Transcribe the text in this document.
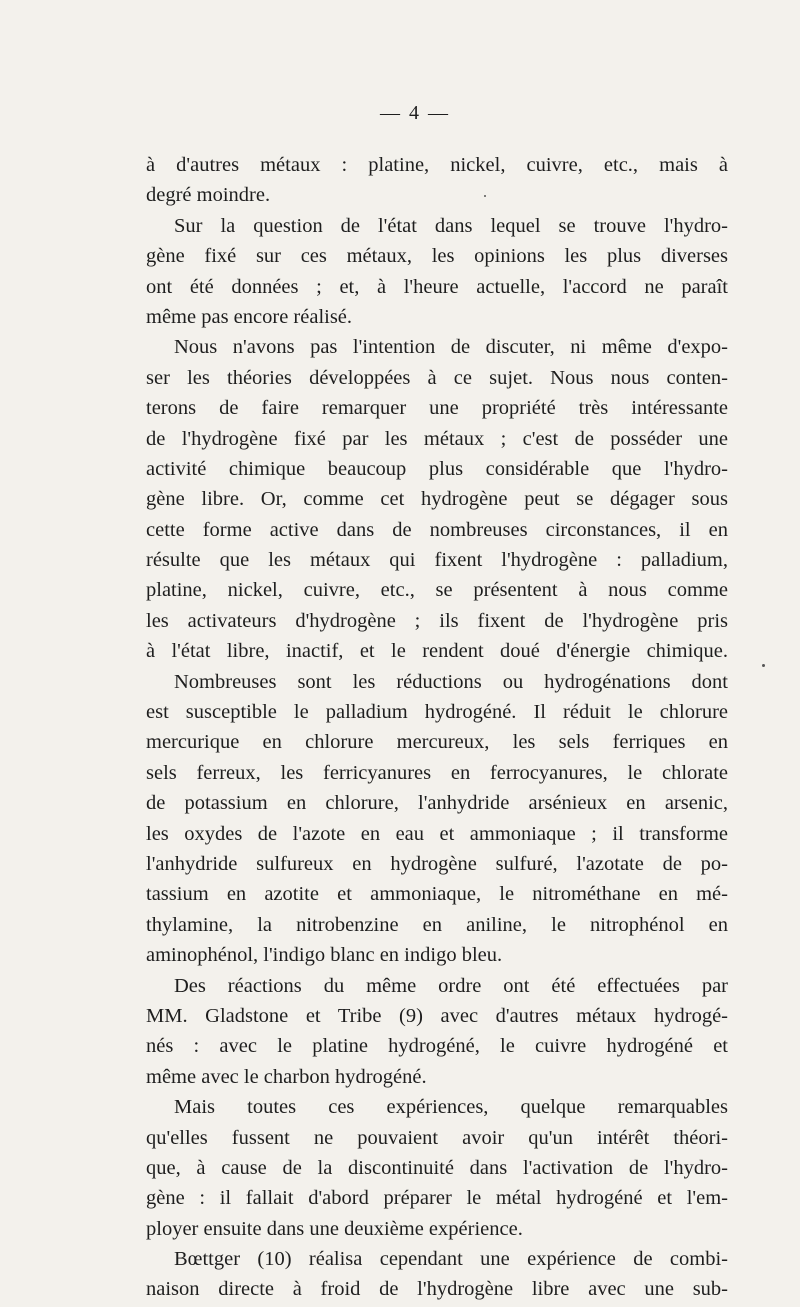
— 4 —
à d'autres métaux : platine, nickel, cuivre, etc., mais à
degré moindre.
Sur la question de l'état dans lequel se trouve l'hydro-
gène fixé sur ces métaux, les opinions les plus diverses
ont été données ; et, à l'heure actuelle, l'accord ne paraît
même pas encore réalisé.
Nous n'avons pas l'intention de discuter, ni même d'expo-
ser les théories développées à ce sujet. Nous nous conten-
terons de faire remarquer une propriété très intéressante
de l'hydrogène fixé par les métaux ; c'est de posséder une
activité chimique beaucoup plus considérable que l'hydro-
gène libre. Or, comme cet hydrogène peut se dégager sous
cette forme active dans de nombreuses circonstances, il en
résulte que les métaux qui fixent l'hydrogène : palladium,
platine, nickel, cuivre, etc., se présentent à nous comme
les activateurs d'hydrogène ; ils fixent de l'hydrogène pris
à l'état libre, inactif, et le rendent doué d'énergie chimique.
Nombreuses sont les réductions ou hydrogénations dont
est susceptible le palladium hydrogéné. Il réduit le chlorure
mercurique en chlorure mercureux, les sels ferriques en
sels ferreux, les ferricyanures en ferrocyanures, le chlorate
de potassium en chlorure, l'anhydride arsénieux en arsenic,
les oxydes de l'azote en eau et ammoniaque ; il transforme
l'anhydride sulfureux en hydrogène sulfuré, l'azotate de po-
tassium en azotite et ammoniaque, le nitrométhane en mé-
thylamine, la nitrobenzine en aniline, le nitrophénol en
aminophénol, l'indigo blanc en indigo bleu.
Des réactions du même ordre ont été effectuées par
MM. Gladstone et Tribe (9) avec d'autres métaux hydrogé-
nés : avec le platine hydrogéné, le cuivre hydrogéné et
même avec le charbon hydrogéné.
Mais toutes ces expériences, quelque remarquables
qu'elles fussent ne pouvaient avoir qu'un intérêt théori-
que, à cause de la discontinuité dans l'activation de l'hydro-
gène : il fallait d'abord préparer le métal hydrogéné et l'em-
ployer ensuite dans une deuxième expérience.
Bœttger (10) réalisa cependant une expérience de combi-
naison directe à froid de l'hydrogène libre avec une sub-
